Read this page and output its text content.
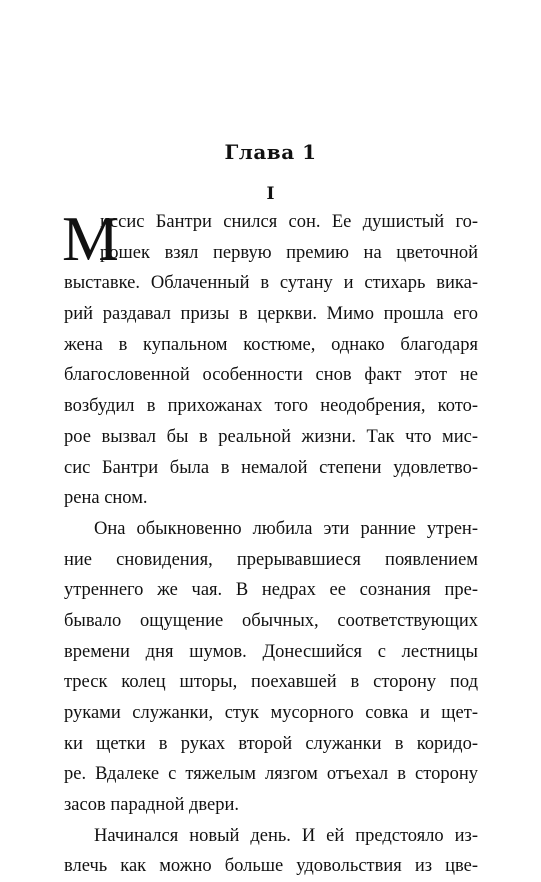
Глава 1
I
М
иссис Бантри снился сон. Ее душистый го-
рошек взял первую премию на цветочной
выставке. Облаченный в сутану и стихарь вика-
рий раздавал призы в церкви. Мимо прошла его
жена в купальном костюме, однако благодаря
благословенной особенности снов факт этот не
возбудил в прихожанах того неодобрения, кото-
рое вызвал бы в реальной жизни. Так что мис-
сис Бантри была в немалой степени удовлетво-
рена сном.
Она обыкновенно любила эти ранние утрен-
ние сновидения, прерывавшиеся появлением
утреннего же чая. В недрах ее сознания пре-
бывало ощущение обычных, соответствующих
времени дня шумов. Донесшийся с лестницы
треск колец шторы, поехавшей в сторону под
руками служанки, стук мусорного совка и щет-
ки щетки в руках второй служанки в коридо-
ре. Вдалеке с тяжелым лязгом отъехал в сторону
засов парадной двери.
Начинался новый день. И ей предстояло из-
влечь как можно больше удовольствия из цве-
